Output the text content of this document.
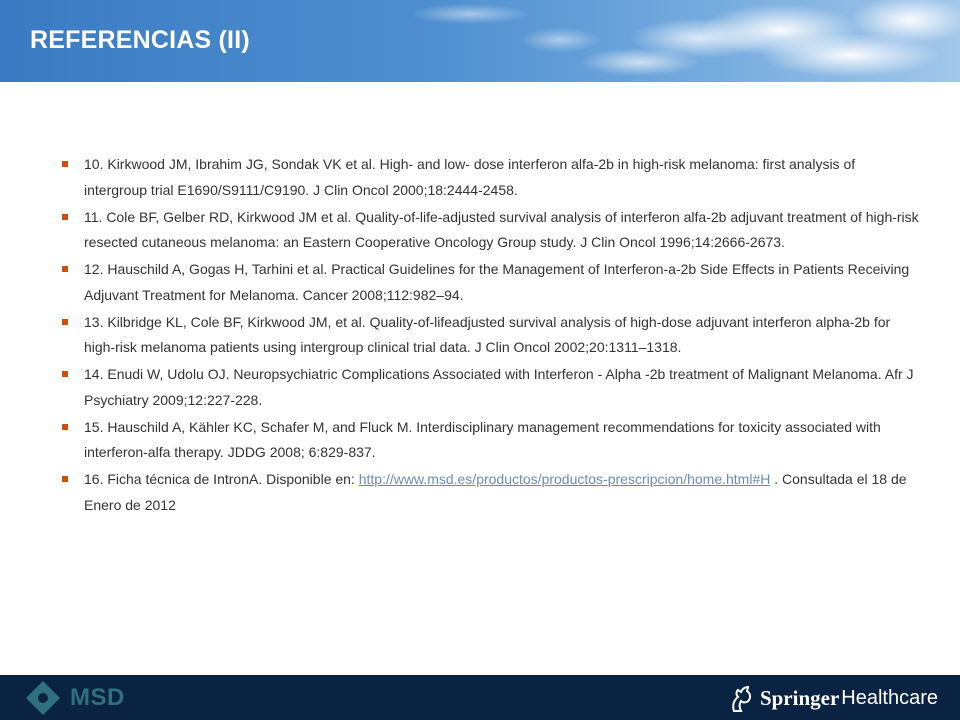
REFERENCIAS (II)
10. Kirkwood JM, Ibrahim JG, Sondak VK et al. High- and low- dose interferon alfa-2b in high-risk melanoma: first analysis of intergroup trial E1690/S9111/C9190. J Clin Oncol 2000;18:2444-2458.
11. Cole BF, Gelber RD, Kirkwood JM et al. Quality-of-life-adjusted survival analysis of interferon alfa-2b adjuvant treatment of high-risk resected cutaneous melanoma: an Eastern Cooperative Oncology Group study. J Clin Oncol 1996;14:2666-2673.
12. Hauschild A, Gogas H, Tarhini et al. Practical Guidelines for the Management of Interferon-a-2b Side Effects in Patients Receiving Adjuvant Treatment for Melanoma. Cancer 2008;112:982–94.
13. Kilbridge KL, Cole BF, Kirkwood JM, et al. Quality-of-lifeadjusted survival analysis of high-dose adjuvant interferon alpha-2b for high-risk melanoma patients using intergroup clinical trial data. J Clin Oncol 2002;20:1311–1318.
14. Enudi W, Udolu OJ. Neuropsychiatric Complications Associated with Interferon - Alpha -2b treatment of Malignant Melanoma. Afr J Psychiatry 2009;12:227-228.
15. Hauschild A, Kähler KC, Schafer M, and Fluck M. Interdisciplinary management recommendations for toxicity associated with interferon-alfa therapy. JDDG 2008; 6:829-837.
16. Ficha técnica de IntronA. Disponible en: http://www.msd.es/productos/productos-prescripcion/home.html#H . Consultada el 18 de Enero de 2012
MSD	Springer Healthcare
